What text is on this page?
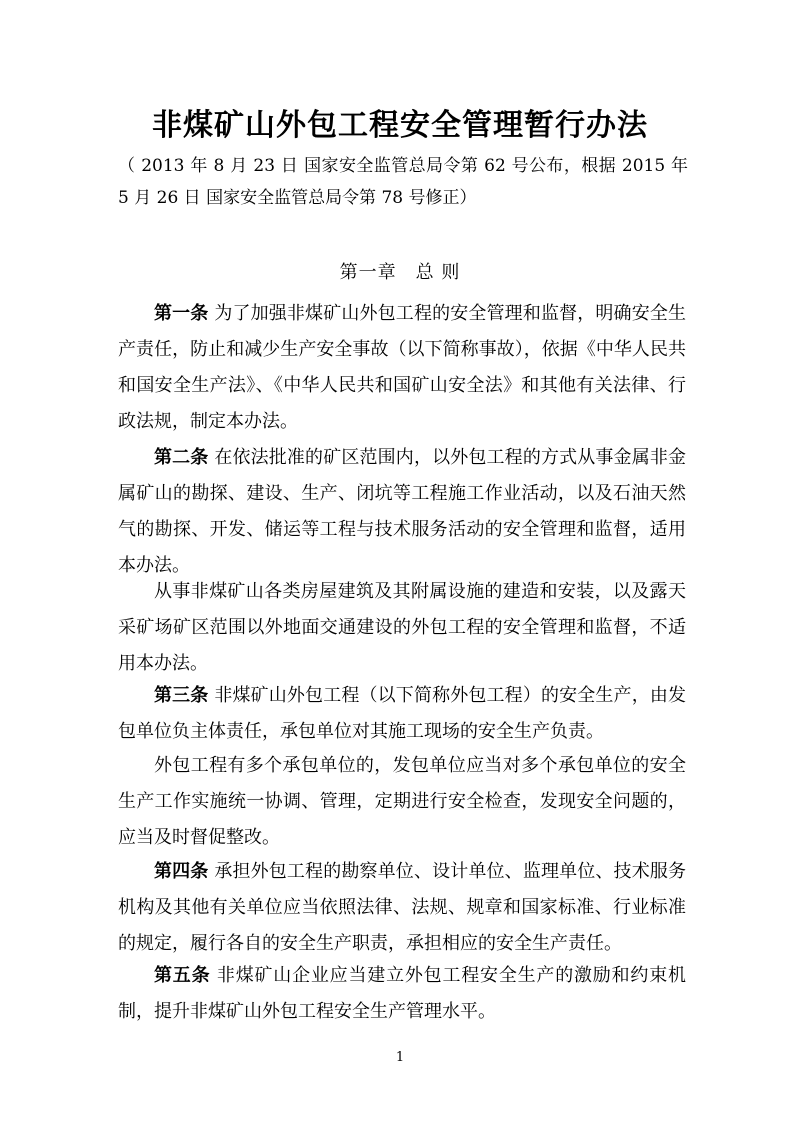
非煤矿山外包工程安全管理暂行办法
（ 2013 年 8 月 23 日 国家安全监管总局令第 62 号公布，根据 2015 年 5 月 26 日 国家安全监管总局令第 78 号修正）
第一章　总 则

第一条 为了加强非煤矿山外包工程的安全管理和监督，明确安全生产责任，防止和减少生产安全事故（以下简称事故），依据《中华人民共和国安全生产法》、《中华人民共和国矿山安全法》和其他有关法律、行政法规，制定本办法。

第二条 在依法批准的矿区范围内，以外包工程的方式从事金属非金属矿山的勘探、建设、生产、闭坑等工程施工作业活动，以及石油天然气的勘探、开发、储运等工程与技术服务活动的安全管理和监督，适用本办法。

从事非煤矿山各类房屋建筑及其附属设施的建造和安装，以及露天采矿场矿区范围以外地面交通建设的外包工程的安全管理和监督，不适用本办法。

第三条 非煤矿山外包工程（以下简称外包工程）的安全生产，由发包单位负主体责任，承包单位对其施工现场的安全生产负责。

外包工程有多个承包单位的，发包单位应当对多个承包单位的安全生产工作实施统一协调、管理，定期进行安全检查，发现安全问题的，应当及时督促整改。

第四条 承担外包工程的勘察单位、设计单位、监理单位、技术服务机构及其他有关单位应当依照法律、法规、规章和国家标准、行业标准的规定，履行各自的安全生产职责，承担相应的安全生产责任。

第五条 非煤矿山企业应当建立外包工程安全生产的激励和约束机制，提升非煤矿山外包工程安全生产管理水平。

1
